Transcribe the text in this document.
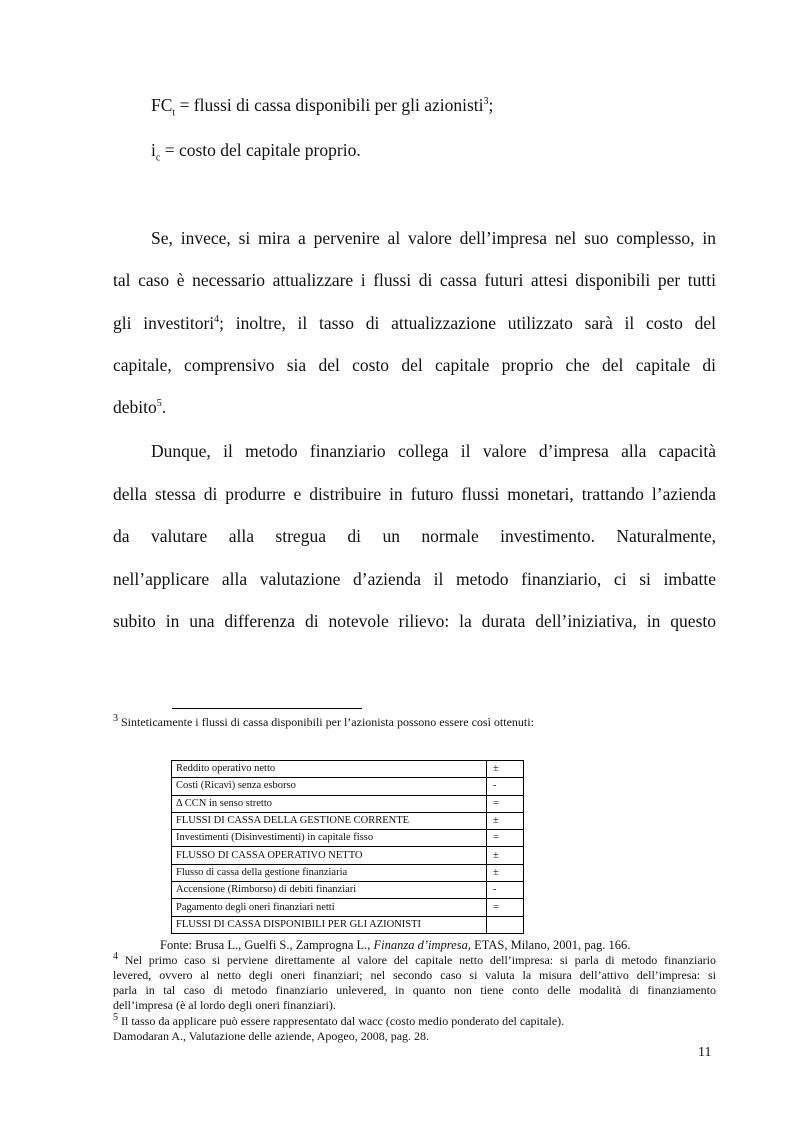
$FC_t$ = flussi di cassa disponibili per gli azionisti$^3$;
$i_c$ = costo del capitale proprio.
Se, invece, si mira a pervenire al valore dell’impresa nel suo complesso, in
tal caso è necessario attualizzare i flussi di cassa futuri attesi disponibili per tutti
gli investitori$^4$; inoltre, il tasso di attualizzazione utilizzato sarà il costo del
capitale, comprensivo sia del costo del capitale proprio che del capitale di
debito$^5$.
Dunque, il metodo finanziario collega il valore d’impresa alla capacità
della stessa di produrre e distribuire in futuro flussi monetari, trattando l’azienda
da valutare alla stregua di un normale investimento. Naturalmente,
nell’applicare alla valutazione d’azienda il metodo finanziario, ci si imbatte
subito in una differenza di notevole rilievo: la durata dell’iniziativa, in questo
$^3$ Sinteticamente i flussi di cassa disponibili per l’azionista possono essere così ottenuti:
Reddito operativo netto	±
Costi (Ricavi) senza esborso	-
Δ CCN in senso stretto	=
FLUSSI DI CASSA DELLA GESTIONE CORRENTE	±
Investimenti (Disinvestimenti) in capitale fisso	=
FLUSSO DI CASSA OPERATIVO NETTO	±
Flusso di cassa della gestione finanziaria	±
Accensione (Rimborso) di debiti finanziari	-
Pagamento degli oneri finanziari netti	=
FLUSSI DI CASSA DISPONIBILI PER GLI AZIONISTI	
Fonte: Brusa L., Guelfi S., Zamprogna L., Finanza d’impresa, ETAS, Milano, 2001, pag. 166.
$^4$ Nel primo caso si perviene direttamente al valore del capitale netto dell’impresa: si parla di metodo finanziario
levered, ovvero al netto degli oneri finanziari; nel secondo caso si valuta la misura dell’attivo dell’impresa: si
parla in tal caso di metodo finanziario unlevered, in quanto non tiene conto delle modalità di finanziamento
dell’impresa (è al lordo degli oneri finanziari).
$^5$ Il tasso da applicare può essere rappresentato dal wacc (costo medio ponderato del capitale).
Damodaran A., Valutazione delle aziende, Apogeo, 2008, pag. 28.
11
